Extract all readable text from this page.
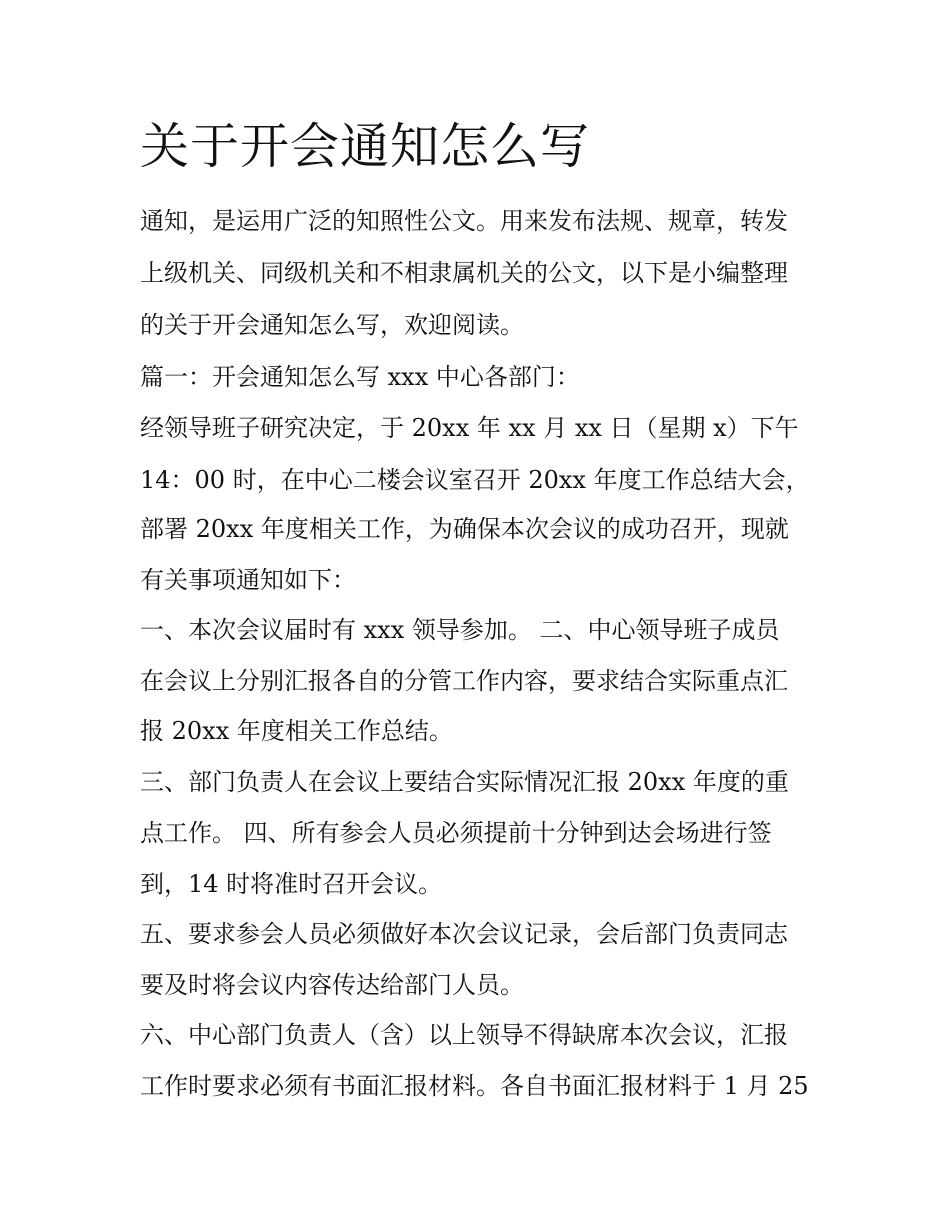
关于开会通知怎么写

通知，是运用广泛的知照性公文。用来发布法规、规章，转发

上级机关、同级机关和不相隶属机关的公文，以下是小编整理

的关于开会通知怎么写，欢迎阅读。

篇一：开会通知怎么写 xxx 中心各部门：

经领导班子研究决定，于 20xx 年 xx 月 xx 日（星期 x）下午

14：00 时，在中心二楼会议室召开 20xx 年度工作总结大会，

部署 20xx 年度相关工作，为确保本次会议的成功召开，现就

有关事项通知如下：

一、本次会议届时有 xxx 领导参加。 二、中心领导班子成员

在会议上分别汇报各自的分管工作内容，要求结合实际重点汇

报 20xx 年度相关工作总结。

三、部门负责人在会议上要结合实际情况汇报 20xx 年度的重

点工作。 四、所有参会人员必须提前十分钟到达会场进行签

到，14 时将准时召开会议。

五、要求参会人员必须做好本次会议记录，会后部门负责同志

要及时将会议内容传达给部门人员。

六、中心部门负责人（含）以上领导不得缺席本次会议，汇报

工作时要求必须有书面汇报材料。各自书面汇报材料于 1 月 25
